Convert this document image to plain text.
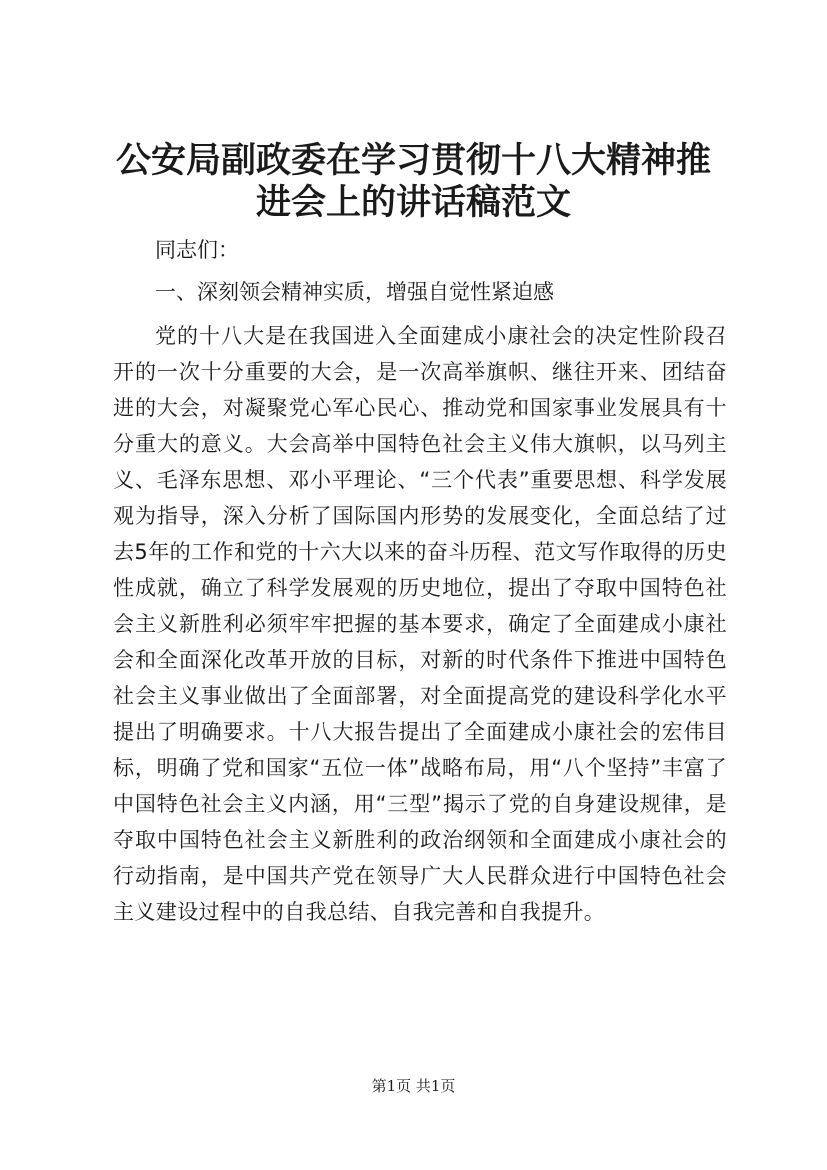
公安局副政委在学习贯彻十八大精神推进会上的讲话稿范文

同志们：

一、深刻领会精神实质，增强自觉性紧迫感

党的十八大是在我国进入全面建成小康社会的决定性阶段召开的一次十分重要的大会，是一次高举旗帜、继往开来、团结奋进的大会，对凝聚党心军心民心、推动党和国家事业发展具有十分重大的意义。大会高举中国特色社会主义伟大旗帜，以马列主义、毛泽东思想、邓小平理论、“三个代表”重要思想、科学发展观为指导，深入分析了国际国内形势的发展变化，全面总结了过去5年的工作和党的十六大以来的奋斗历程、范文写作取得的历史性成就，确立了科学发展观的历史地位，提出了夺取中国特色社会主义新胜利必须牢牢把握的基本要求，确定了全面建成小康社会和全面深化改革开放的目标，对新的时代条件下推进中国特色社会主义事业做出了全面部署，对全面提高党的建设科学化水平提出了明确要求。十八大报告提出了全面建成小康社会的宏伟目标，明确了党和国家“五位一体”战略布局，用“八个坚持”丰富了中国特色社会主义内涵，用“三型”揭示了党的自身建设规律，是夺取中国特色社会主义新胜利的政治纲领和全面建成小康社会的行动指南，是中国共产党在领导广大人民群众进行中国特色社会主义建设过程中的自我总结、自我完善和自我提升。

第1页 共1页
